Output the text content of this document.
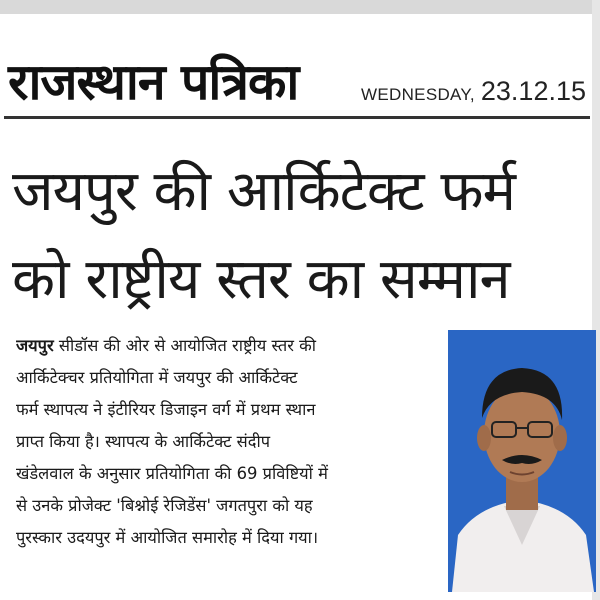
राजस्थान पत्रिका	WEDNESDAY, 23.12.15
जयपुर की आर्किटेक्ट फर्म
को राष्ट्रीय स्तर का सम्मान
जयपुर सीडॉस की ओर से आयोजित राष्ट्रीय स्तर की
आर्किटेक्चर प्रतियोगिता में जयपुर की आर्किटेक्ट
फर्म स्थापत्य ने इंटीरियर डिजाइन वर्ग में प्रथम स्थान
प्राप्त किया है। स्थापत्य के आर्किटेक्ट संदीप
खंडेलवाल के अनुसार प्रतियोगिता की 69 प्रविष्टियों में
से उनके प्रोजेक्ट 'बिश्नोई रेजिडेंस' जगतपुरा को यह
पुरस्कार उदयपुर में आयोजित समारोह में दिया गया।
